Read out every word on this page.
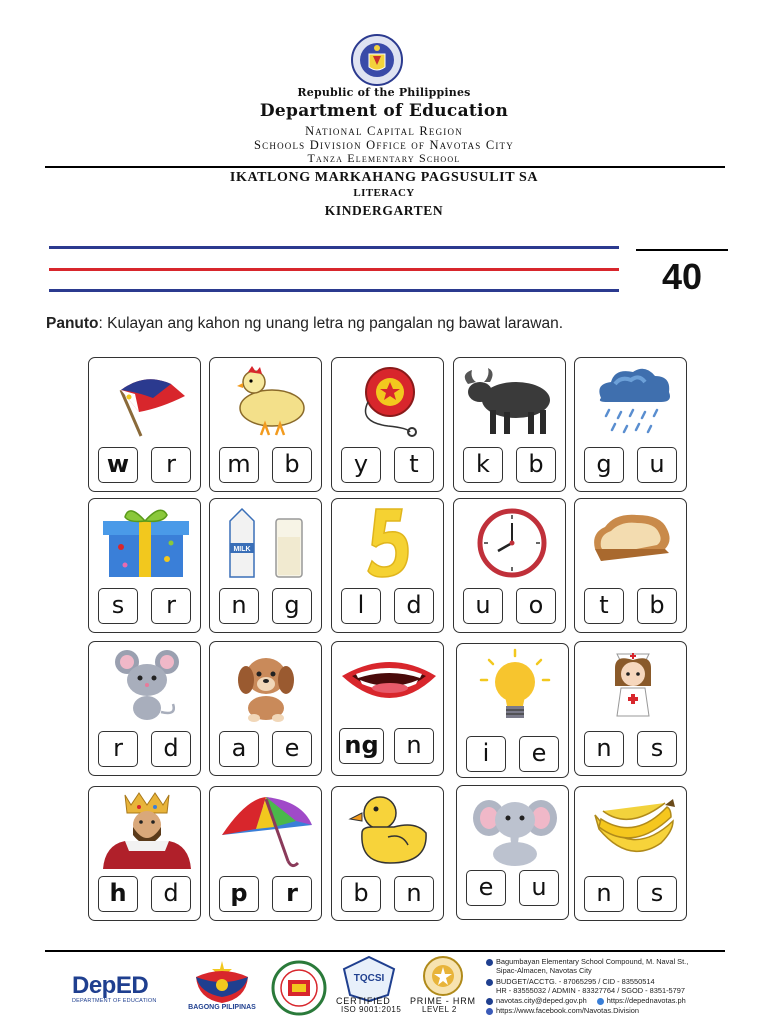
Republic of the Philippines
Department of Education
National Capital Region
Schools Division Office of Navotas City
Tanza Elementary School
IKATLONG MARKAHANG PAGSUSULIT SA
LITERACY
KINDERGARTEN
40
Panuto: Kulayan ang kahon ng unang letra ng pangalan ng bawat larawan.
w	r	m	b	y	t	k	b	g	u
s	r
MILK
n	g	l	d	u	o	t	b
r	d	a	e	ng	n	i	e	n	s
h	d	p	r	b	n	e	u	n	s
DepED
DEPARTMENT OF EDUCATION
BAGONG PILIPINAS
TQCSI
CERTIFIED
ISO 9001:2015
PRIME - HRM
LEVEL 2
Bagumbayan Elementary School Compound, M. Naval St.,
Sipac-Almacen, Navotas City
BUDGET/ACCTG. - 87065295 / CID - 83550514
HR - 83555032 / ADMIN - 83327764 / SGOD - 8351-5797
navotas.city@deped.gov.ph	https://depednavotas.ph
https://www.facebook.com/Navotas.Division
